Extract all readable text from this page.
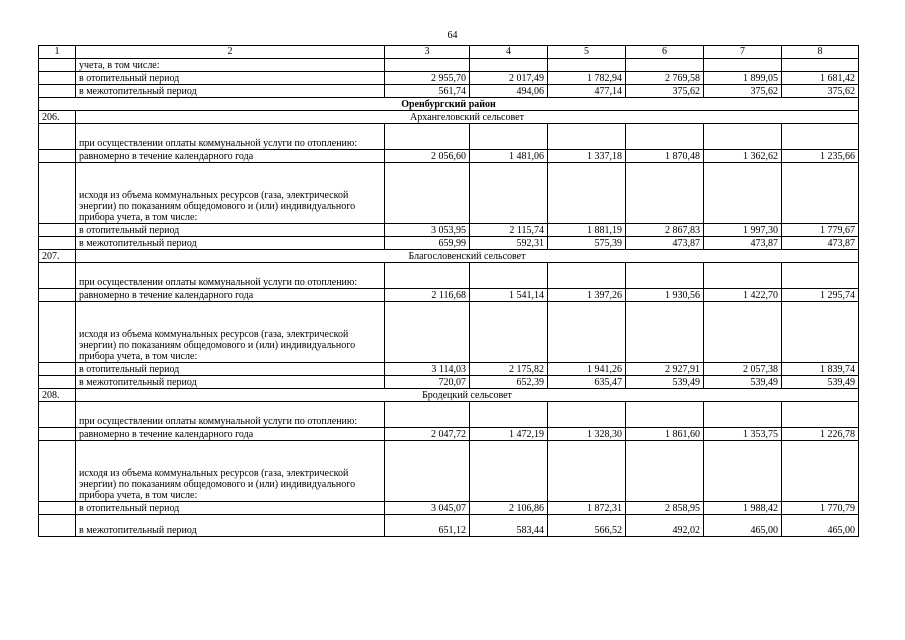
64
1	2	3	4	5	6	7	8
	учета, в том числе:						
	в отопительный период	2 955,70	2 017,49	1 782,94	2 769,58	1 899,05	1 681,42
	в межотопительный период	561,74	494,06	477,14	375,62	375,62	375,62
Оренбургский район							
206.	Архангеловский сельсовет						
	при осуществлении оплаты коммунальной услуги по отоплению:						
	равномерно в течение календарного года	2 056,60	1 481,06	1 337,18	1 870,48	1 362,62	1 235,66
	исходя из объема коммунальных ресурсов (газа, электрической энергии) по показаниям общедомового и (или) индивидуального прибора учета, в том числе:						
	в отопительный период	3 053,95	2 115,74	1 881,19	2 867,83	1 997,30	1 779,67
	в межотопительный период	659,99	592,31	575,39	473,87	473,87	473,87
207.	Благословенский сельсовет						
	при осуществлении оплаты коммунальной услуги по отоплению:						
	равномерно в течение календарного года	2 116,68	1 541,14	1 397,26	1 930,56	1 422,70	1 295,74
	исходя из объема коммунальных ресурсов (газа, электрической энергии) по показаниям общедомового и (или) индивидуального прибора учета, в том числе:						
	в отопительный период	3 114,03	2 175,82	1 941,26	2 927,91	2 057,38	1 839,74
	в межотопительный период	720,07	652,39	635,47	539,49	539,49	539,49
208.	Бродецкий сельсовет						
	при осуществлении оплаты коммунальной услуги по отоплению:						
	равномерно в течение календарного года	2 047,72	1 472,19	1 328,30	1 861,60	1 353,75	1 226,78
	исходя из объема коммунальных ресурсов (газа, электрической энергии) по показаниям общедомового и (или) индивидуального прибора учета, в том числе:						
	в отопительный период	3 045,07	2 106,86	1 872,31	2 858,95	1 988,42	1 770,79
	в межотопительный период	651,12	583,44	566,52	492,02	465,00	465,00
